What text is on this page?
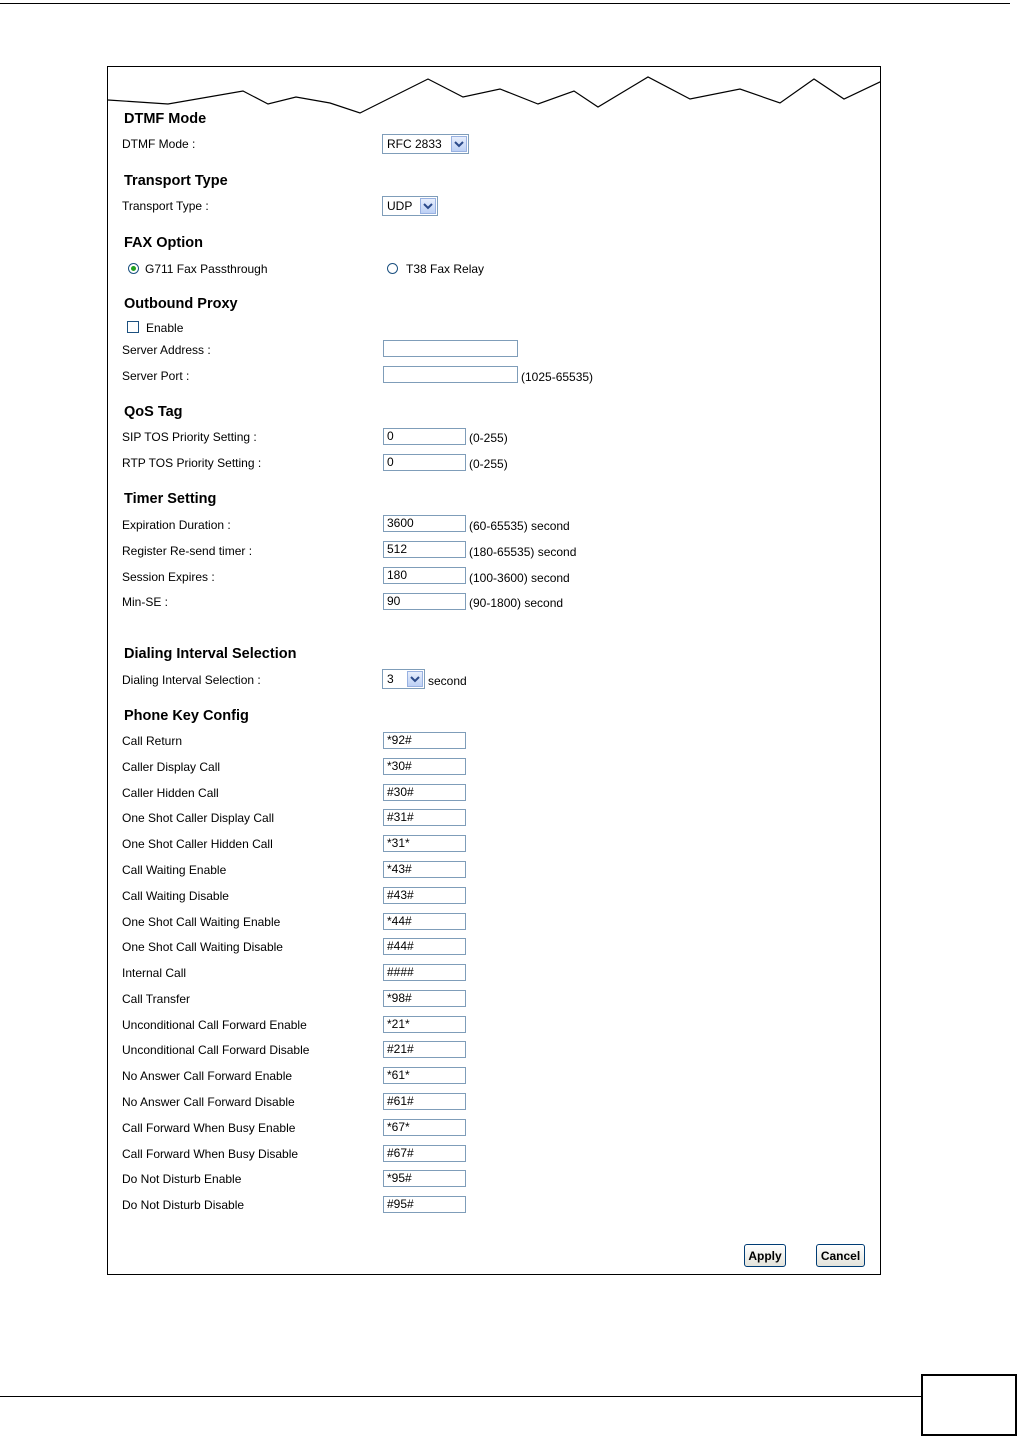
DTMF Mode
DTMF Mode :	RFC 2833
Transport Type
Transport Type :	UDP
FAX Option
G711 Fax Passthrough	T38 Fax Relay
Outbound Proxy
Enable
Server Address :
Server Port :	(1025-65535)
QoS Tag
SIP TOS Priority Setting :	0	(0-255)
RTP TOS Priority Setting :	0	(0-255)
Timer Setting
Expiration Duration :	3600	(60-65535) second
Register Re-send timer :	512	(180-65535) second
Session Expires :	180	(100-3600) second
Min-SE :	90	(90-1800) second
Dialing Interval Selection
Dialing Interval Selection :	3	second
Phone Key Config
Call Return	*92#
Caller Display Call	*30#
Caller Hidden Call	#30#
One Shot Caller Display Call	#31#
One Shot Caller Hidden Call	*31*
Call Waiting Enable	*43#
Call Waiting Disable	#43#
One Shot Call Waiting Enable	*44#
One Shot Call Waiting Disable	#44#
Internal Call	####
Call Transfer	*98#
Unconditional Call Forward Enable	*21*
Unconditional Call Forward Disable	#21#
No Answer Call Forward Enable	*61*
No Answer Call Forward Disable	#61#
Call Forward When Busy Enable	*67*
Call Forward When Busy Disable	#67#
Do Not Disturb Enable	*95#
Do Not Disturb Disable	#95#
Apply	Cancel
